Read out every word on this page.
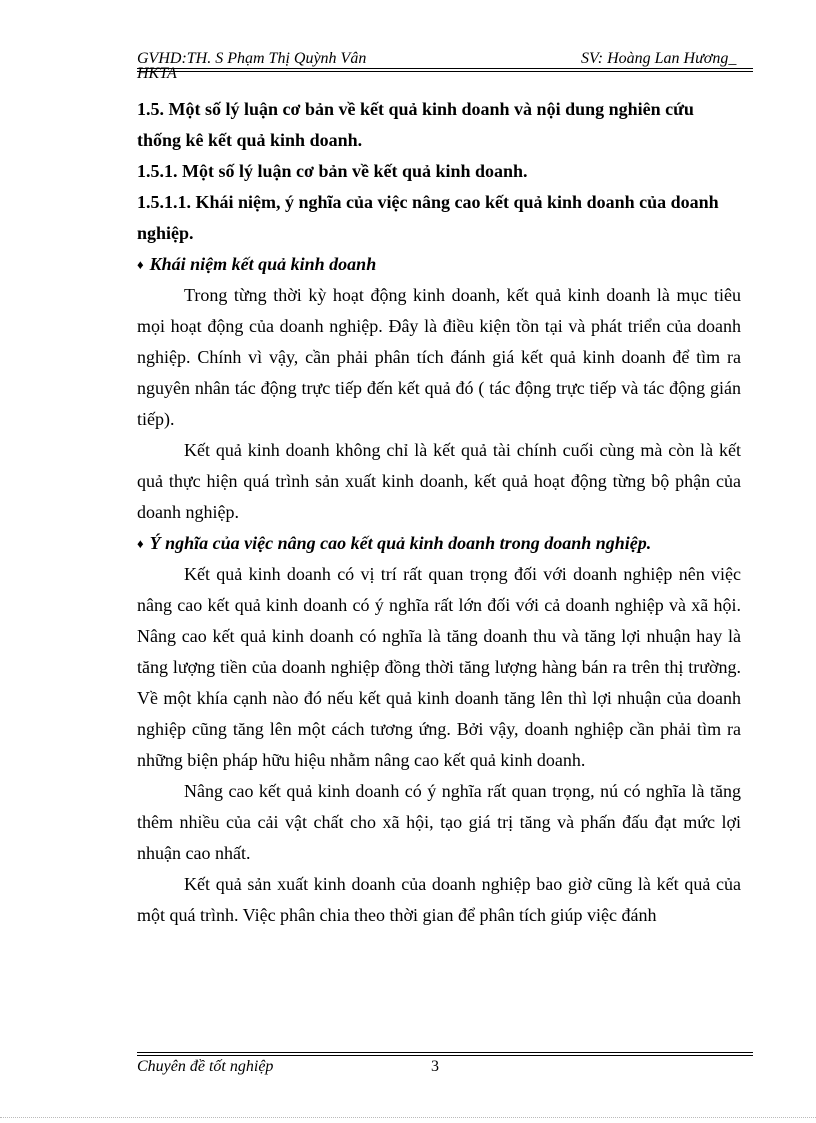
GVHD:TH. S Phạm Thị Quỳnh Vân	SV: Hoàng Lan Hương_
HKTA

1.5. Một số lý luận cơ bản về kết quả kinh doanh và nội dung nghiên cứu thống kê kết quả kinh doanh.

1.5.1. Một số lý luận cơ bản về kết quả kinh doanh.

1.5.1.1. Khái niệm, ý nghĩa của việc nâng cao kết quả kinh doanh của doanh nghiệp.

♦ Khái niệm kết quả kinh doanh

Trong từng thời kỳ hoạt động kinh doanh, kết quả kinh doanh là mục tiêu mọi hoạt động của doanh nghiệp. Đây là điều kiện tồn tại và phát triển của doanh nghiệp. Chính vì vậy, cần phải phân tích đánh giá kết quả kinh doanh để tìm ra nguyên nhân tác động trực tiếp đến kết quả đó ( tác động trực tiếp và tác động gián tiếp).

Kết quả kinh doanh không chỉ là kết quả tài chính cuối cùng mà còn là kết quả thực hiện quá trình sản xuất kinh doanh, kết quả hoạt động từng bộ phận của doanh nghiệp.

♦ Ý nghĩa của việc nâng cao kết quả kinh doanh trong doanh nghiệp.

Kết quả kinh doanh có vị trí rất quan trọng đối với doanh nghiệp nên việc nâng cao kết quả kinh doanh có ý nghĩa rất lớn đối với cả doanh nghiệp và xã hội. Nâng cao kết quả kinh doanh có nghĩa là tăng doanh thu và tăng lợi nhuận hay là tăng lượng tiền của doanh nghiệp đồng thời tăng lượng hàng bán ra trên thị trường. Về một khía cạnh nào đó nếu kết quả kinh doanh tăng lên thì lợi nhuận của doanh nghiệp cũng tăng lên một cách tương ứng. Bởi vậy, doanh nghiệp cần phải tìm ra những biện pháp hữu hiệu nhằm nâng cao kết quả kinh doanh.

Nâng cao kết quả kinh doanh có ý nghĩa rất quan trọng, nú có nghĩa là tăng thêm nhiều của cải vật chất cho xã hội, tạo giá trị tăng và phấn đấu đạt mức lợi nhuận cao nhất.

Kết quả sản xuất kinh doanh của doanh nghiệp bao giờ cũng là kết quả của một quá trình. Việc phân chia theo thời gian để phân tích giúp việc đánh

Chuyên đề tốt nghiệp	3
